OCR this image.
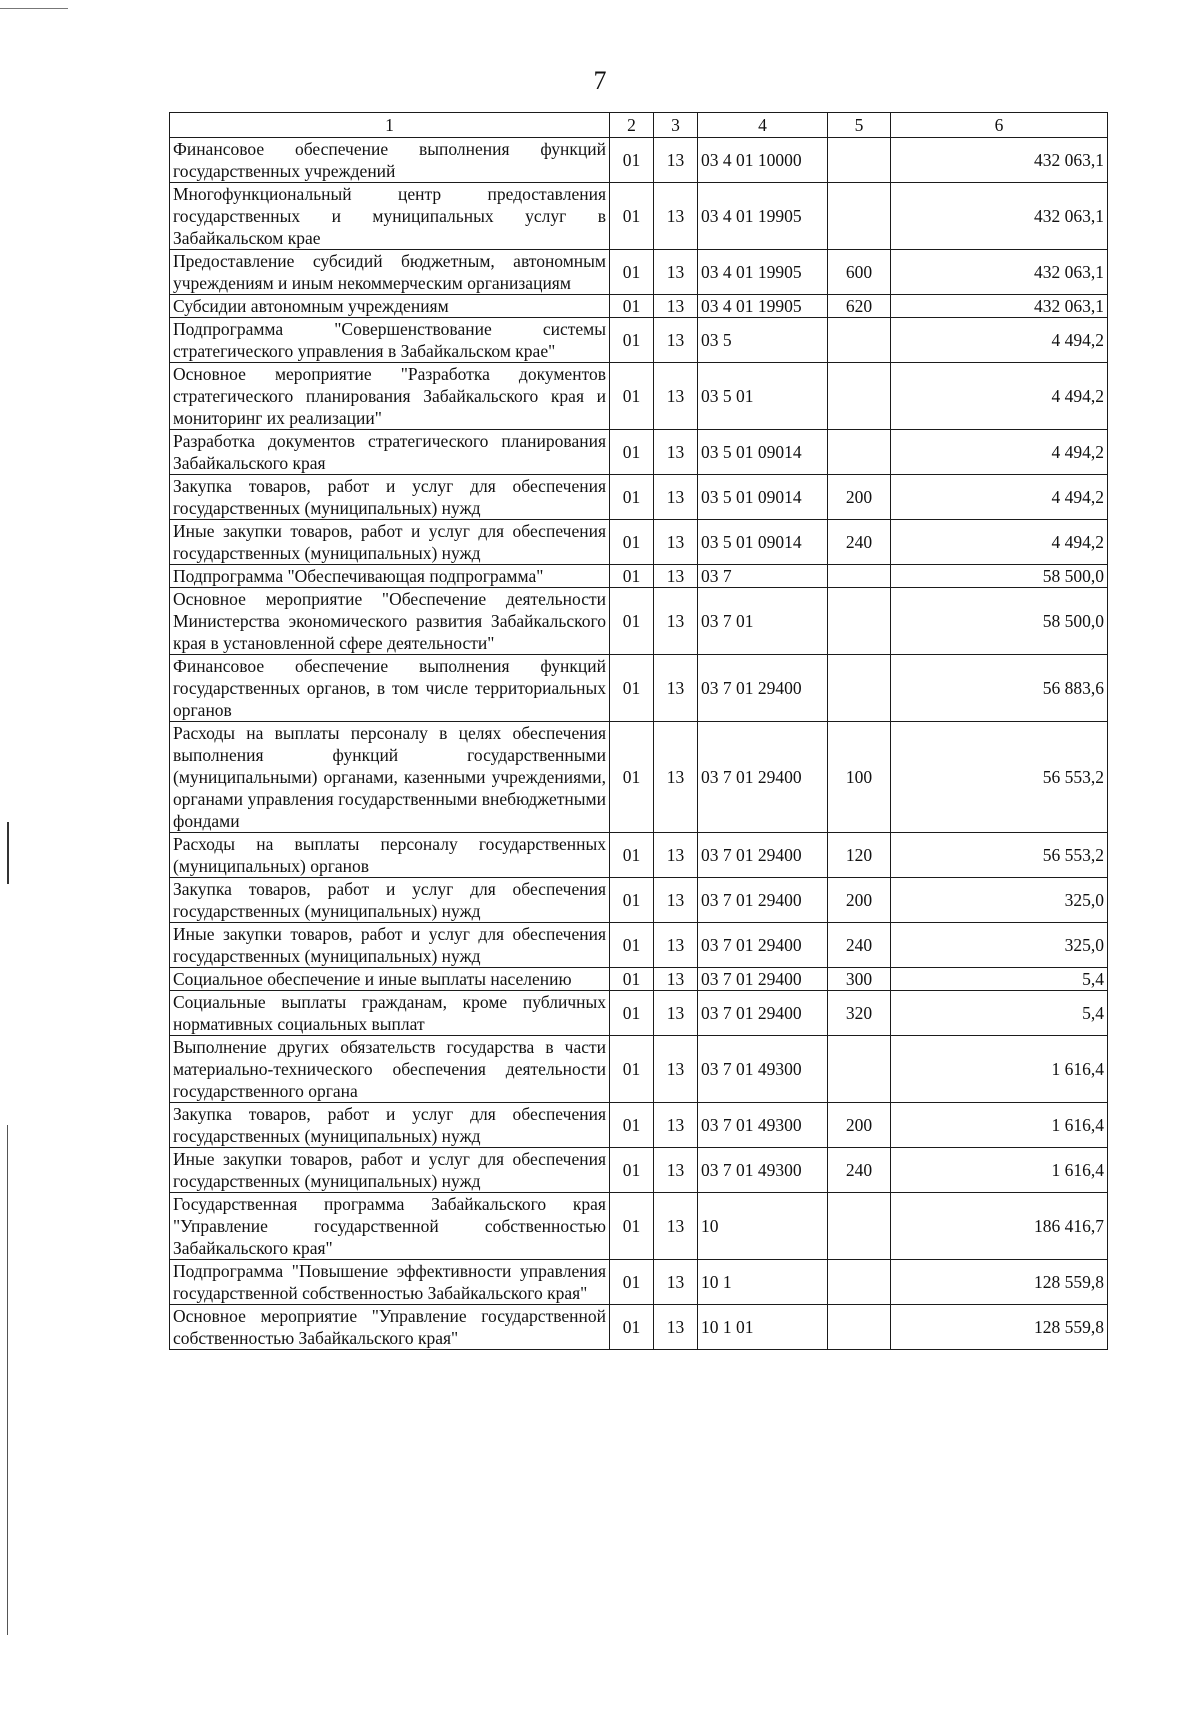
7
1	2	3	4	5	6
Финансовое обеспечение выполнения функций государственных учреждений	01	13	03 4 01 10000		432 063,1
Многофункциональный центр предоставления государственных и муниципальных услуг в Забайкальском крае	01	13	03 4 01 19905		432 063,1
Предоставление субсидий бюджетным, автономным учреждениям и иным некоммерческим организациям	01	13	03 4 01 19905	600	432 063,1
Субсидии автономным учреждениям	01	13	03 4 01 19905	620	432 063,1
Подпрограмма "Совершенствование системы стратегического управления в Забайкальском крае"	01	13	03 5		4 494,2
Основное мероприятие "Разработка документов стратегического планирования Забайкальского края и мониторинг их реализации"	01	13	03 5 01		4 494,2
Разработка документов стратегического планирования Забайкальского края	01	13	03 5 01 09014		4 494,2
Закупка товаров, работ и услуг для обеспечения государственных (муниципальных) нужд	01	13	03 5 01 09014	200	4 494,2
Иные закупки товаров, работ и услуг для обеспечения государственных (муниципальных) нужд	01	13	03 5 01 09014	240	4 494,2
Подпрограмма "Обеспечивающая подпрограмма"	01	13	03 7		58 500,0
Основное мероприятие "Обеспечение деятельности Министерства экономического развития Забайкальского края в установленной сфере деятельности"	01	13	03 7 01		58 500,0
Финансовое обеспечение выполнения функций государственных органов, в том числе территориальных органов	01	13	03 7 01 29400		56 883,6
Расходы на выплаты персоналу в целях обеспечения выполнения функций государственными (муниципальными) органами, казенными учреждениями, органами управления государственными внебюджетными фондами	01	13	03 7 01 29400	100	56 553,2
Расходы на выплаты персоналу государственных (муниципальных) органов	01	13	03 7 01 29400	120	56 553,2
Закупка товаров, работ и услуг для обеспечения государственных (муниципальных) нужд	01	13	03 7 01 29400	200	325,0
Иные закупки товаров, работ и услуг для обеспечения государственных (муниципальных) нужд	01	13	03 7 01 29400	240	325,0
Социальное обеспечение и иные выплаты населению	01	13	03 7 01 29400	300	5,4
Социальные выплаты гражданам, кроме публичных нормативных социальных выплат	01	13	03 7 01 29400	320	5,4
Выполнение других обязательств государства в части материально-технического обеспечения деятельности государственного органа	01	13	03 7 01 49300		1 616,4
Закупка товаров, работ и услуг для обеспечения государственных (муниципальных) нужд	01	13	03 7 01 49300	200	1 616,4
Иные закупки товаров, работ и услуг для обеспечения государственных (муниципальных) нужд	01	13	03 7 01 49300	240	1 616,4
Государственная программа Забайкальского края "Управление государственной собственностью Забайкальского края"	01	13	10		186 416,7
Подпрограмма "Повышение эффективности управления государственной собственностью Забайкальского края"	01	13	10 1		128 559,8
Основное мероприятие "Управление государственной собственностью Забайкальского края"	01	13	10 1 01		128 559,8
